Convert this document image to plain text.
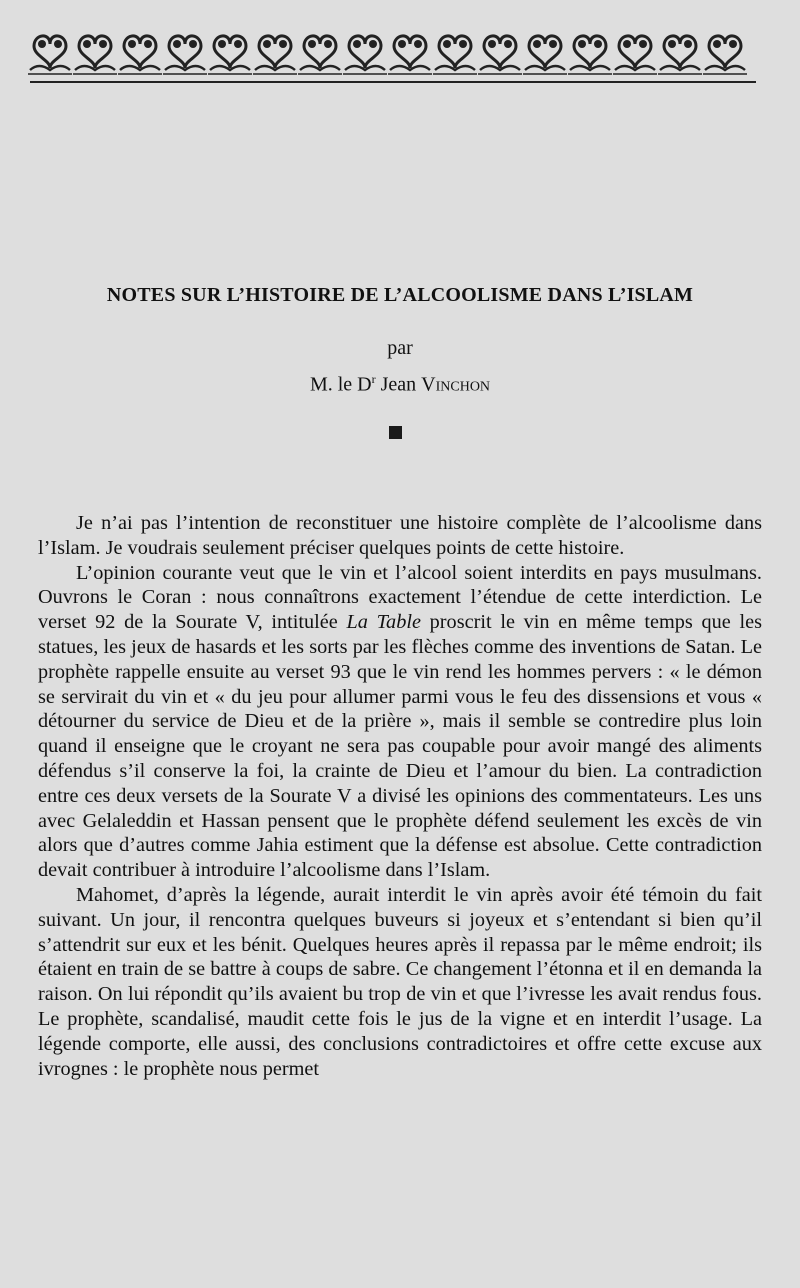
NOTES SUR L’HISTOIRE DE L’ALCOOLISME DANS L’ISLAM
par
M. le $D^r$ Jean Vinchon

Je n’ai pas l’intention de reconstituer une histoire complète de l’alcoolisme dans l’Islam. Je voudrais seulement préciser quelques points de cette histoire.

L’opinion courante veut que le vin et l’alcool soient interdits en pays musulmans. Ouvrons le Coran : nous connaîtrons exactement l’étendue de cette interdiction. Le verset 92 de la Sourate V, intitulée La Table proscrit le vin en même temps que les statues, les jeux de hasards et les sorts par les flèches comme des inventions de Satan. Le prophète rappelle ensuite au verset 93 que le vin rend les hommes pervers : « le démon se servirait du vin et « du jeu pour allumer parmi vous le feu des dissensions et vous « détourner du service de Dieu et de la prière », mais il semble se contredire plus loin quand il enseigne que le croyant ne sera pas coupable pour avoir mangé des aliments défendus s’il conserve la foi, la crainte de Dieu et l’amour du bien. La contradiction entre ces deux versets de la Sourate V a divisé les opinions des commentateurs. Les uns avec Gelaleddin et Hassan pensent que le prophète défend seulement les excès de vin alors que d’autres comme Jahia estiment que la défense est absolue. Cette contradiction devait contribuer à introduire l’alcoolisme dans l’Islam.

Mahomet, d’après la légende, aurait interdit le vin après avoir été témoin du fait suivant. Un jour, il rencontra quelques buveurs si joyeux et s’entendant si bien qu’il s’attendrit sur eux et les bénit. Quelques heures après il repassa par le même endroit; ils étaient en train de se battre à coups de sabre. Ce changement l’étonna et il en demanda la raison. On lui répondit qu’ils avaient bu trop de vin et que l’ivresse les avait rendus fous. Le prophète, scandalisé, maudit cette fois le jus de la vigne et en interdit l’usage. La légende comporte, elle aussi, des conclusions contradictoires et offre cette excuse aux ivrognes : le prophète nous permet
